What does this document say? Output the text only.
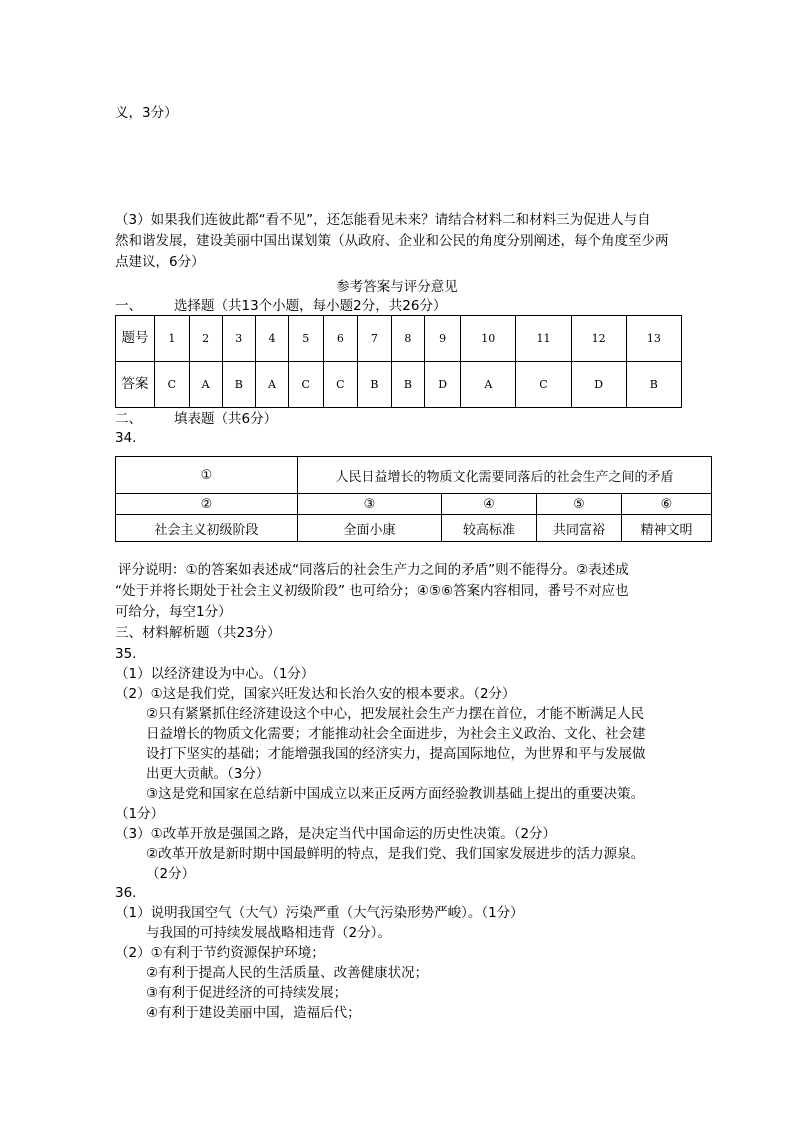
义，3分）
（3）如果我们连彼此都“看不见”，还怎能看见未来？请结合材料二和材料三为促进人与自
然和谐发展，建设美丽中国出谋划策（从政府、企业和公民的角度分别阐述，每个角度至少两
点建议，6分）
参考答案与评分意见
一、 选择题（共13个小题，每小题2分，共26分）
题号	1	2	3	4	5	6	7	8	9	10	11	12	13
答案	C	A	B	A	C	C	B	B	D	A	C	D	B
二、 填表题（共6分）
34.
①	人民日益增长的物质文化需要同落后的社会生产之间的矛盾			
②	③	④	⑤	⑥
社会主义初级阶段	全面小康	较高标准	共同富裕	精神文明
评分说明：①的答案如表述成“同落后的社会生产力之间的矛盾”则不能得分。②表述成
“处于并将长期处于社会主义初级阶段” 也可给分；④⑤⑥答案内容相同，番号不对应也
可给分，每空1分）
三、材料解析题（共23分）
35.
36.
（1）以经济建设为中心。（1分）
（2）①这是我们党，国家兴旺发达和长治久安的根本要求。（2分）
②只有紧紧抓住经济建设这个中心，把发展社会生产力摆在首位，才能不断满足人民
日益增长的物质文化需要；才能推动社会全面进步，为社会主义政治、文化、社会建
设打下坚实的基础；才能增强我国的经济实力，提高国际地位，为世界和平与发展做
出更大贡献。（3分）
③这是党和国家在总结新中国成立以来正反两方面经验教训基础上提出的重要决策。
（1分）
（3）①改革开放是强国之路，是决定当代中国命运的历史性决策。（2分）
②改革开放是新时期中国最鲜明的特点，是我们党、我们国家发展进步的活力源泉。
（2分）
（1）说明我国空气（大气）污染严重（大气污染形势严峻）。（1分）
与我国的可持续发展战略相违背（2分）。
（2）①有利于节约资源保护环境；
②有利于提高人民的生活质量、改善健康状况；
③有利于促进经济的可持续发展；
④有利于建设美丽中国，造福后代；
